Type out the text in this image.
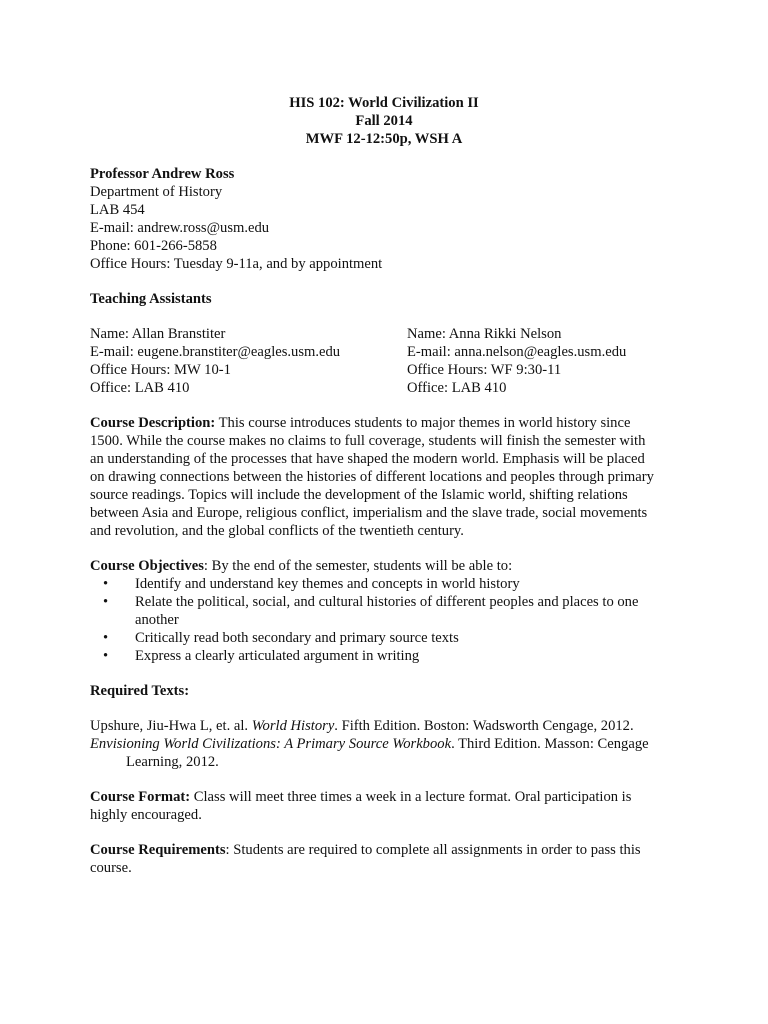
HIS 102: World Civilization II
Fall 2014
MWF 12-12:50p, WSH A
Professor Andrew Ross
Department of History
LAB 454
E-mail: andrew.ross@usm.edu
Phone: 601-266-5858
Office Hours: Tuesday 9-11a, and by appointment
Teaching Assistants
Name: Allan Branstiter
E-mail: eugene.branstiter@eagles.usm.edu
Office Hours: MW 10-1
Office: LAB 410
Name: Anna Rikki Nelson
E-mail: anna.nelson@eagles.usm.edu
Office Hours: WF 9:30-11
Office: LAB 410
Course Description: This course introduces students to major themes in world history since
1500. While the course makes no claims to full coverage, students will finish the semester with
an understanding of the processes that have shaped the modern world. Emphasis will be placed
on drawing connections between the histories of different locations and peoples through primary
source readings. Topics will include the development of the Islamic world, shifting relations
between Asia and Europe, religious conflict, imperialism and the slave trade, social movements
and revolution, and the global conflicts of the twentieth century.
Course Objectives: By the end of the semester, students will be able to:
• Identify and understand key themes and concepts in world history
• Relate the political, social, and cultural histories of different peoples and places to one
another
• Critically read both secondary and primary source texts
• Express a clearly articulated argument in writing
Required Texts:
Upshure, Jiu-Hwa L, et. al. World History. Fifth Edition. Boston: Wadsworth Cengage, 2012.
Envisioning World Civilizations: A Primary Source Workbook. Third Edition. Masson: Cengage
Learning, 2012.
Course Format: Class will meet three times a week in a lecture format. Oral participation is
highly encouraged.
Course Requirements: Students are required to complete all assignments in order to pass this
course.
